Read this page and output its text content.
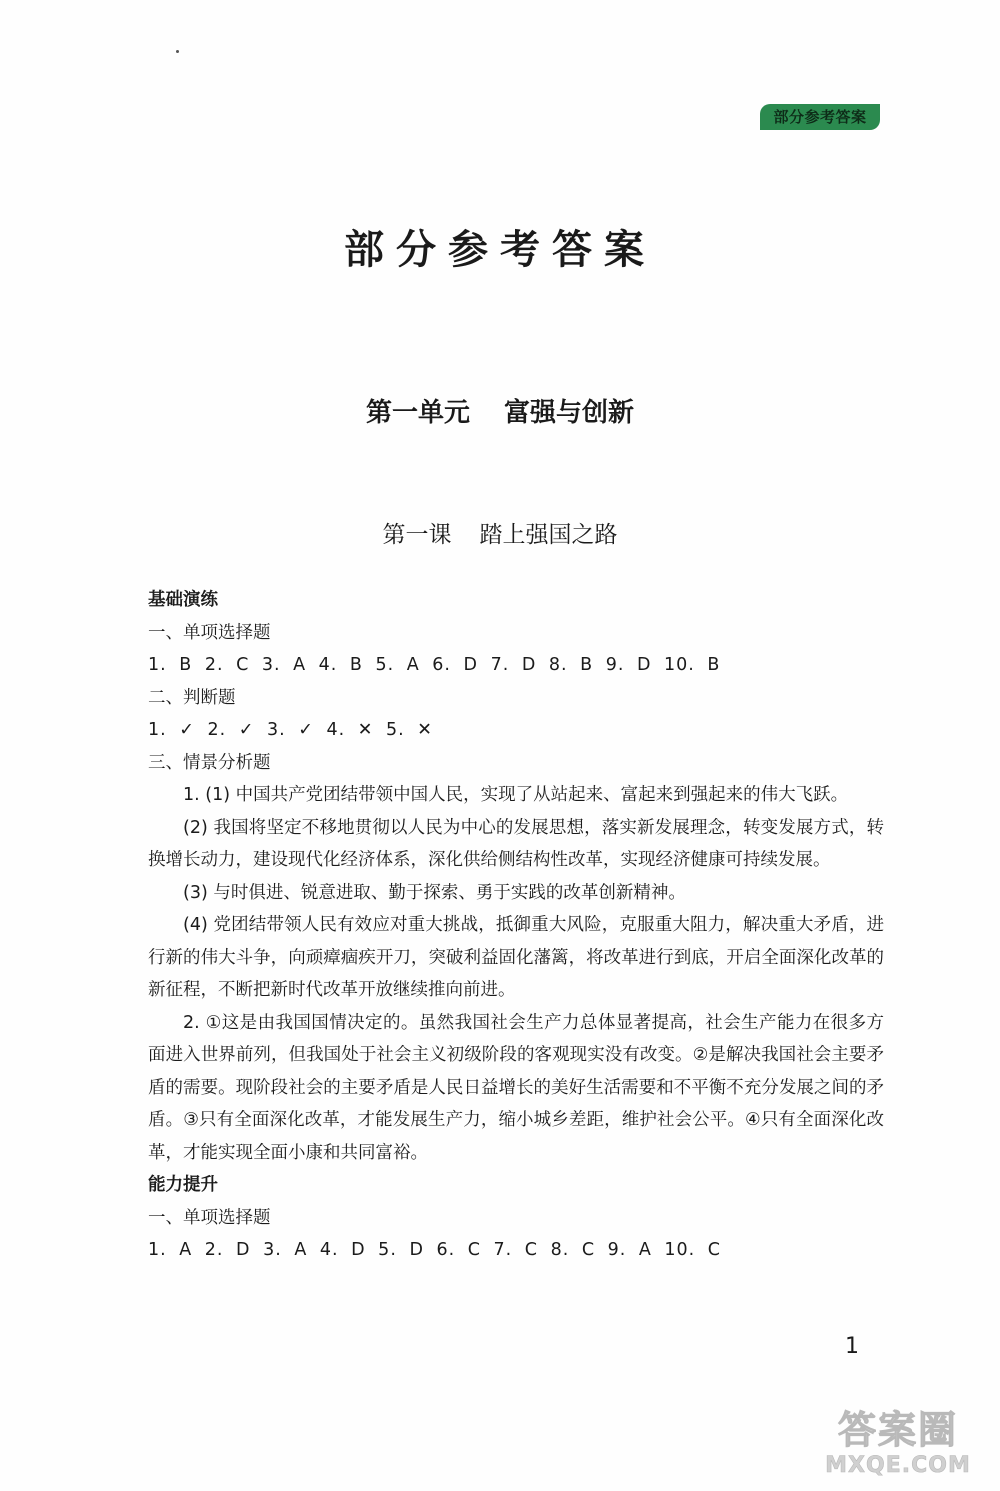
部分参考答案
部分参考答案
第一单元 富强与创新
第一课 踏上强国之路

基础演练

一、单项选择题

1. B 2. C 3. A 4. B 5. A 6. D 7. D 8. B 9. D 10. B

二、判断题

1. ✓ 2. ✓ 3. ✓ 4. ✕ 5. ✕

三、情景分析题

1. (1) 中国共产党团结带领中国人民，实现了从站起来、富起来到强起来的伟大飞跃。

(2) 我国将坚定不移地贯彻以人民为中心的发展思想，落实新发展理念，转变发展方式，转换增长动力，建设现代化经济体系，深化供给侧结构性改革，实现经济健康可持续发展。

(3) 与时俱进、锐意进取、勤于探索、勇于实践的改革创新精神。

(4) 党团结带领人民有效应对重大挑战，抵御重大风险，克服重大阻力，解决重大矛盾，进行新的伟大斗争，向顽瘴痼疾开刀，突破利益固化藩篱，将改革进行到底，开启全面深化改革的新征程，不断把新时代改革开放继续推向前进。

2. ①这是由我国国情决定的。虽然我国社会生产力总体显著提高，社会生产能力在很多方面进入世界前列，但我国处于社会主义初级阶段的客观现实没有改变。②是解决我国社会主要矛盾的需要。现阶段社会的主要矛盾是人民日益增长的美好生活需要和不平衡不充分发展之间的矛盾。③只有全面深化改革，才能发展生产力，缩小城乡差距，维护社会公平。④只有全面深化改革，才能实现全面小康和共同富裕。

能力提升

一、单项选择题

1. A 2. D 3. A 4. D 5. D 6. C 7. C 8. C 9. A 10. C

1
答案圈
MXQE.COM
